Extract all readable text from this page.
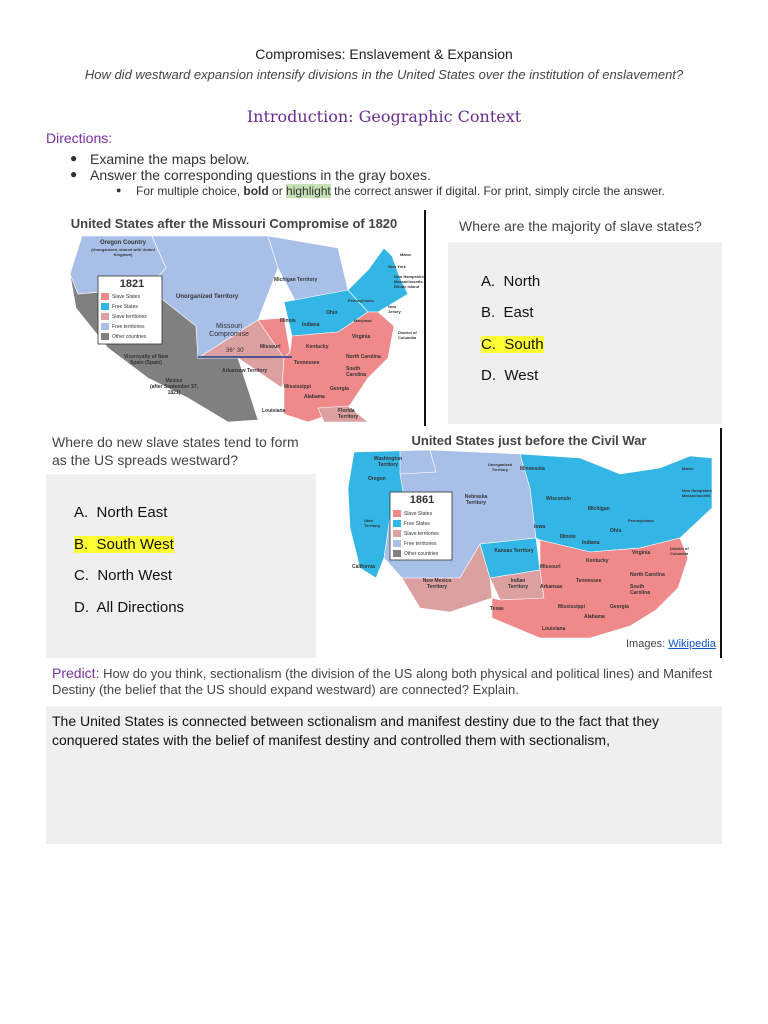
Compromises: Enslavement & Expansion
How did westward expansion intensify divisions in the United States over the institution of enslavement?
Introduction: Geographic Context
Directions:
● Examine the maps below.
● Answer the corresponding questions in the gray boxes.
● For multiple choice, bold or highlight the correct answer if digital. For print, simply circle the answer.
United States after the Missouri Compromise of 1820
1821
Slave States
Free States
Slave territories
Free territories
Other countries
Oregon Country
(Unorganized, shared with United Kingdom)
Unorganized Territory
Michigan Territory
Missouri Compromise
36° 30'
Viceroyalty of New Spain (Spain)
Mexico
(after September 27, 1821)
Arkansaw Territory
Missouri
Illinois
Indiana
Ohio
Kentucky
Tennessee
Virginia
North Carolina
South Carolina
Georgia
Alabama
Mississippi
Louisiana	Florida Territory
Maine
New York
New Hampshire
Massachusetts
Rhode Island
Pennsylvania
New Jersey
Maryland
District of Columbia
Where are the majority of slave states?
A. North
B. East
C. South
D. West
Where do new slave states tend to form as the US spreads westward?
A. North East
B. South West
C. North West
D. All Directions
United States just before the Civil War
1861
Slave States
Free States
Slave territories
Free territories
Other countries
Washington Territory
Oregon
Unorganized Territory	Minnesota
Nebraska Territory
Wisconsin
Michigan
Iowa
Illinois
Indiana
Ohio
Utah Territory
California
Kansas Territory
Missouri
Kentucky
Virginia
New Mexico Territory
Indian Territory	Arkansas
Tennessee
North Carolina
South Carolina
Texas	Mississippi
Alabama
Georgia
Louisiana
Maine
New Hampshire
Massachusetts
Pennsylvania
District of Columbia
Images: Wikipedia
Predict: How do you think, sectionalism (the division of the US along both physical and political lines) and Manifest Destiny (the belief that the US should expand westward) are connected? Explain.
The United States is connected between sctionalism and manifest destiny due to the fact that they conquered states with the belief of manifest destiny and controlled them with sectionalism,
